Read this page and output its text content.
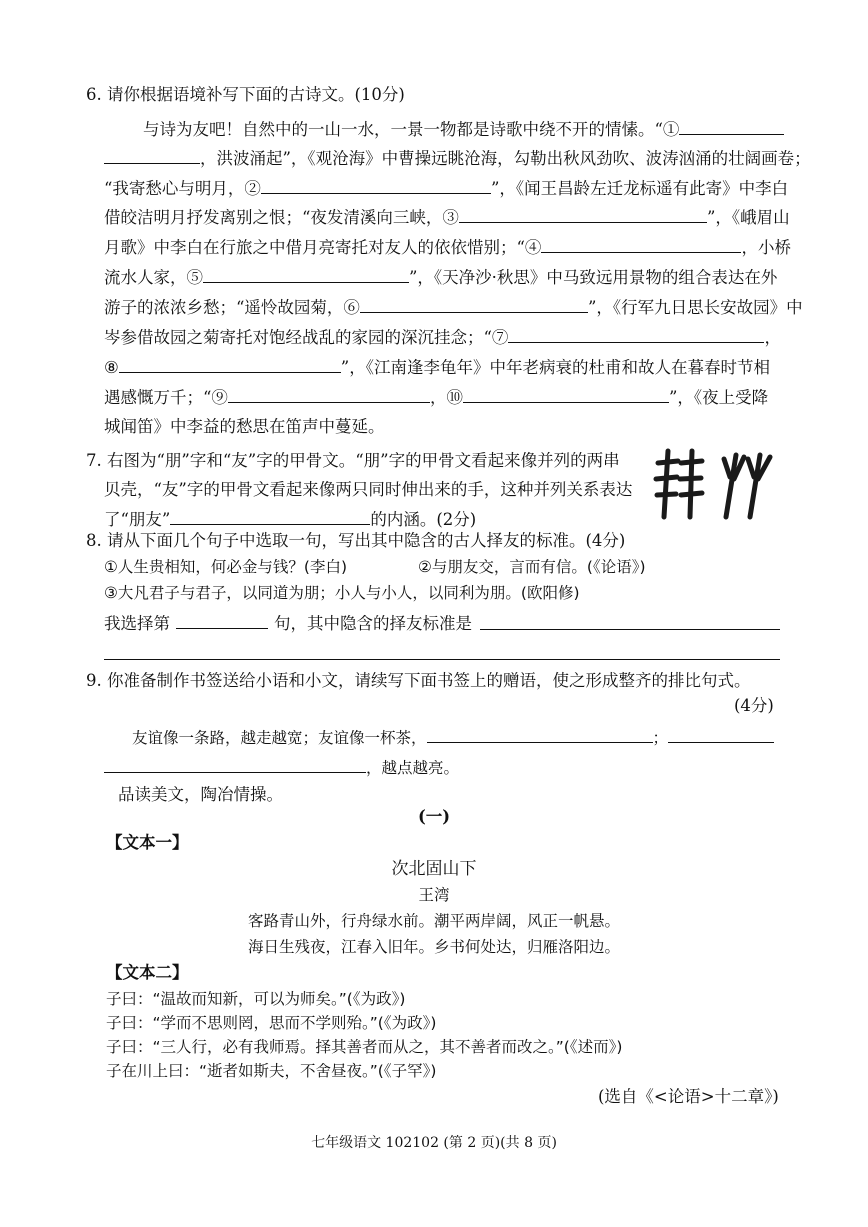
6. 请你根据语境补写下面的古诗文。(10分)
与诗为友吧！自然中的一山一水，一景一物都是诗歌中绕不开的情愫。“①
，洪波涌起”，《观沧海》中曹操远眺沧海，勾勒出秋风劲吹、波涛汹涌的壮阔画卷；
“我寄愁心与明月，②	”，《闻王昌龄左迁龙标遥有此寄》中李白
借皎洁明月抒发离别之恨；“夜发清溪向三峡，③	”，《峨眉山
月歌》中李白在行旅之中借月亮寄托对友人的依依惜别；“④	，小桥
流水人家，⑤	”，《天净沙·秋思》中马致远用景物的组合表达在外
游子的浓浓乡愁；“遥怜故园菊，⑥	”，《行军九日思长安故园》中
岑参借故园之菊寄托对饱经战乱的家园的深沉挂念；“⑦	，
⑧	”，《江南逢李龟年》中年老病衰的杜甫和故人在暮春时节相
遇感慨万千；“⑨	，⑩	”，《夜上受降
城闻笛》中李益的愁思在笛声中蔓延。
7. 右图为“朋”字和“友”字的甲骨文。“朋”字的甲骨文看起来像并列的两串
贝壳，“友”字的甲骨文看起来像两只同时伸出来的手，这种并列关系表达
了“朋友”	的内涵。(2分)
8. 请从下面几个句子中选取一句，写出其中隐含的古人择友的标准。(4分)
①人生贵相知，何必金与钱？(李白)	②与朋友交，言而有信。(《论语》)
③大凡君子与君子，以同道为朋；小人与小人，以同利为朋。(欧阳修)
我选择第	句，其中隐含的择友标准是
9. 你准备制作书签送给小语和小文，请续写下面书签上的赠语，使之形成整齐的排比句式。
(4分)
友谊像一条路，越走越宽；友谊像一杯茶，	；
，越点越亮。
品读美文，陶冶情操。
(一)
【文本一】
次北固山下
王湾
客路青山外，行舟绿水前。潮平两岸阔，风正一帆悬。
海日生残夜，江春入旧年。乡书何处达，归雁洛阳边。
【文本二】
子曰：“温故而知新，可以为师矣。”(《为政》)
子曰：“学而不思则罔，思而不学则殆。”(《为政》)
子曰：“三人行，必有我师焉。择其善者而从之，其不善者而改之。”(《述而》)
子在川上曰：“逝者如斯夫，不舍昼夜。”(《子罕》)
(选自《<论语>十二章》)
七年级语文 102102 (第 2 页)(共 8 页)
